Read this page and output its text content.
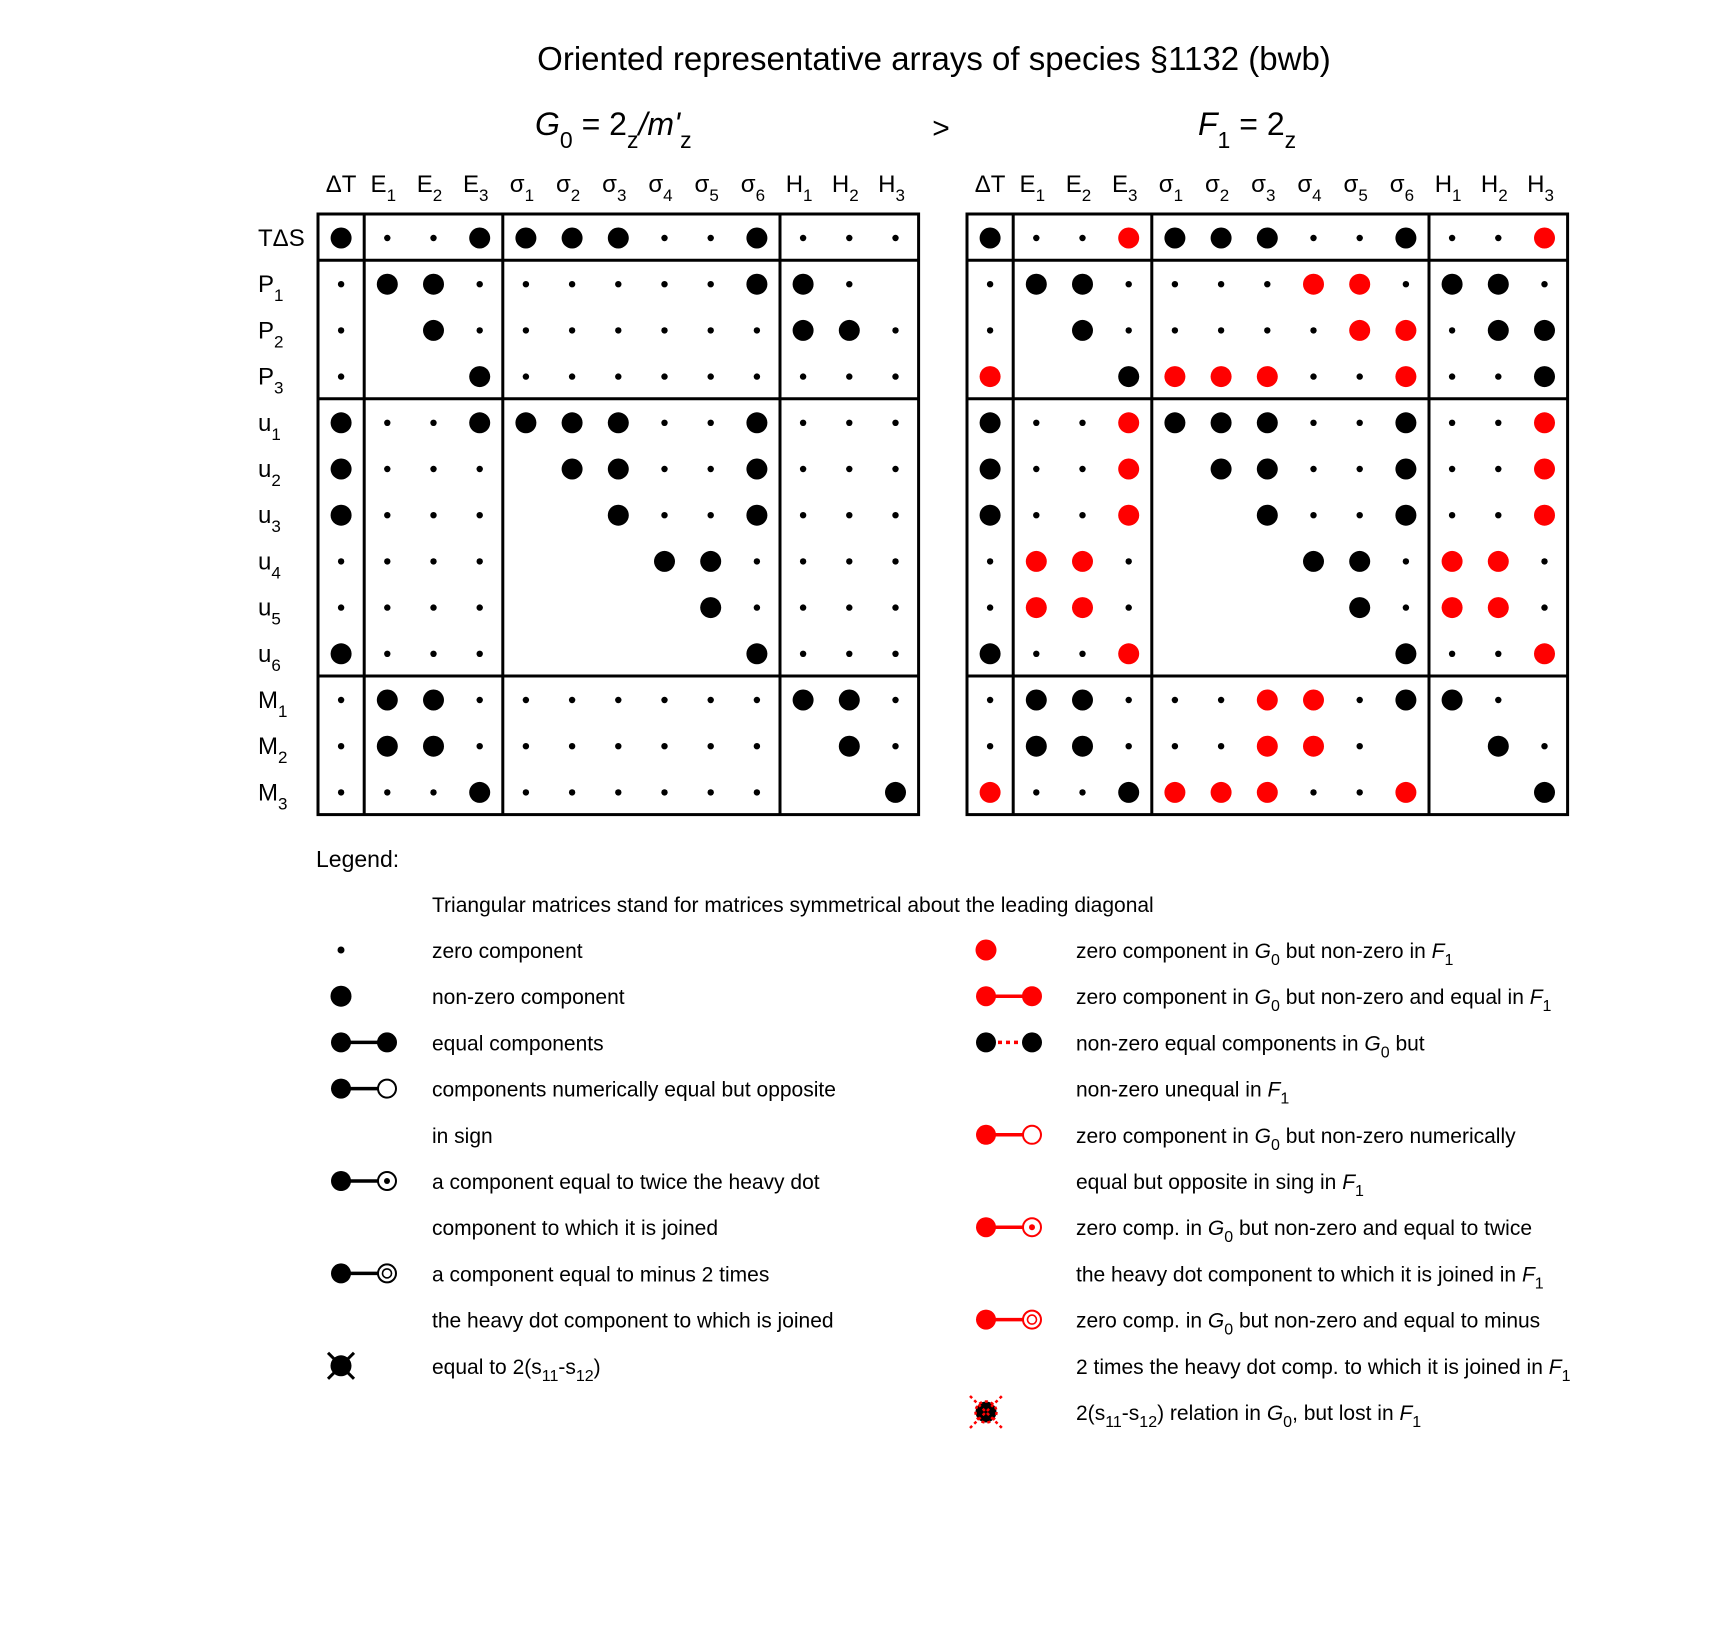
Oriented representative arrays of species §1132 (bwb)
$G_0 = 2_z/m'_z$	>	$F_1 = 2_z$
ΔT $E_1$ $E_2$ $E_3$ $\sigma_1$ $\sigma_2$ $\sigma_3$ $\sigma_4$ $\sigma_5$ $\sigma_6$ $H_1$ $H_2$ $H_3$
TΔS
$P_1$
$P_2$
$P_3$
$u_1$
$u_2$
$u_3$
$u_4$
$u_5$
$u_6$
$M_1$
$M_2$
$M_3$
ΔT $E_1$ $E_2$ $E_3$ $\sigma_1$ $\sigma_2$ $\sigma_3$ $\sigma_4$ $\sigma_5$ $\sigma_6$ $H_1$ $H_2$ $H_3$
Legend:
Triangular matrices stand for matrices symmetrical about the leading diagonal
zero component
non-zero component
equal components
components numerically equal but opposite
in sign
a component equal to twice the heavy dot
component to which it is joined
a component equal to minus 2 times
the heavy dot component to which is joined
equal to $2(s_{11}-s_{12})$
zero component in $G_0$ but non-zero in $F_1$
zero component in $G_0$ but non-zero and equal in $F_1$
non-zero equal components in $G_0$ but
non-zero unequal in $F_1$
zero component in $G_0$ but non-zero numerically
equal but opposite in sing in $F_1$
zero comp. in $G_0$ but non-zero and equal to twice
the heavy dot component to which it is joined in $F_1$
zero comp. in $G_0$ but non-zero and equal to minus
2 times the heavy dot comp. to which it is joined in $F_1$
$2(s_{11}-s_{12})$ relation in $G_0$, but lost in $F_1$
